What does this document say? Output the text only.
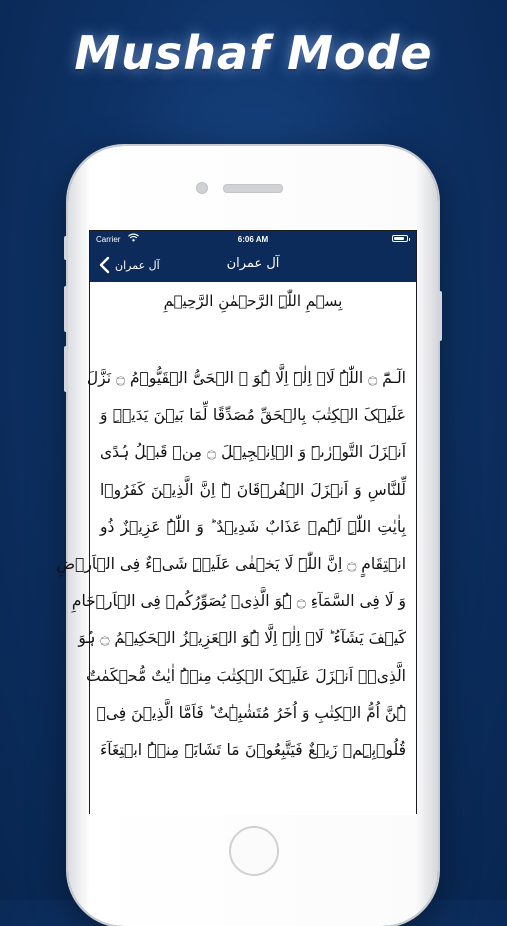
Mushaf Mode
Carrier	6:06 AM
آل عمران	آل عمران
بِسۡمِ اللّٰہِ الرَّحۡمٰنِ الرَّحِیۡمِ
الٓـمّٓ ۝ اللّٰہُ لَاۤ اِلٰہَ اِلَّا ہُوَ ۙ الۡحَیُّ الۡقَیُّوۡمُ ۝ نَزَّلَ
عَلَیۡکَ الۡکِتٰبَ بِالۡحَقِّ مُصَدِّقًا لِّمَا بَیۡنَ یَدَیۡہِ وَ
اَنۡزَلَ التَّوۡرٰىۃَ وَ الۡاِنۡجِیۡلَ ۝ مِنۡ قَبۡلُ ہُدًی
لِّلنَّاسِ وَ اَنۡزَلَ الۡفُرۡقَانَ ۬ؕ اِنَّ الَّذِیۡنَ کَفَرُوۡا
بِاٰیٰتِ اللّٰہِ لَہُمۡ عَذَابٌ شَدِیۡدٌ ؕ وَ اللّٰہُ عَزِیۡزٌ ذُو
انۡتِقَامٍ ۝ اِنَّ اللّٰہَ لَا یَخۡفٰی عَلَیۡہِ شَیۡءٌ فِی الۡاَرۡضِ
وَ لَا فِی السَّمَآءِ ۝ ہُوَ الَّذِیۡ یُصَوِّرُکُمۡ فِی الۡاَرۡحَامِ
کَیۡفَ یَشَآءُ ؕ لَاۤ اِلٰہَ اِلَّا ہُوَ الۡعَزِیۡزُ الۡحَکِیۡمُ ۝ ہُوَ
الَّذِیۡۤ اَنۡزَلَ عَلَیۡکَ الۡکِتٰبَ مِنۡہُ اٰیٰتٌ مُّحۡکَمٰتٌ
ہُنَّ اُمُّ الۡکِتٰبِ وَ اُخَرُ مُتَشٰبِہٰتٌ ؕ فَاَمَّا الَّذِیۡنَ فِیۡ
قُلُوۡبِہِمۡ زَیۡغٌ فَیَتَّبِعُوۡنَ مَا تَشَابَہَ مِنۡہُ ابۡتِغَآءَ
